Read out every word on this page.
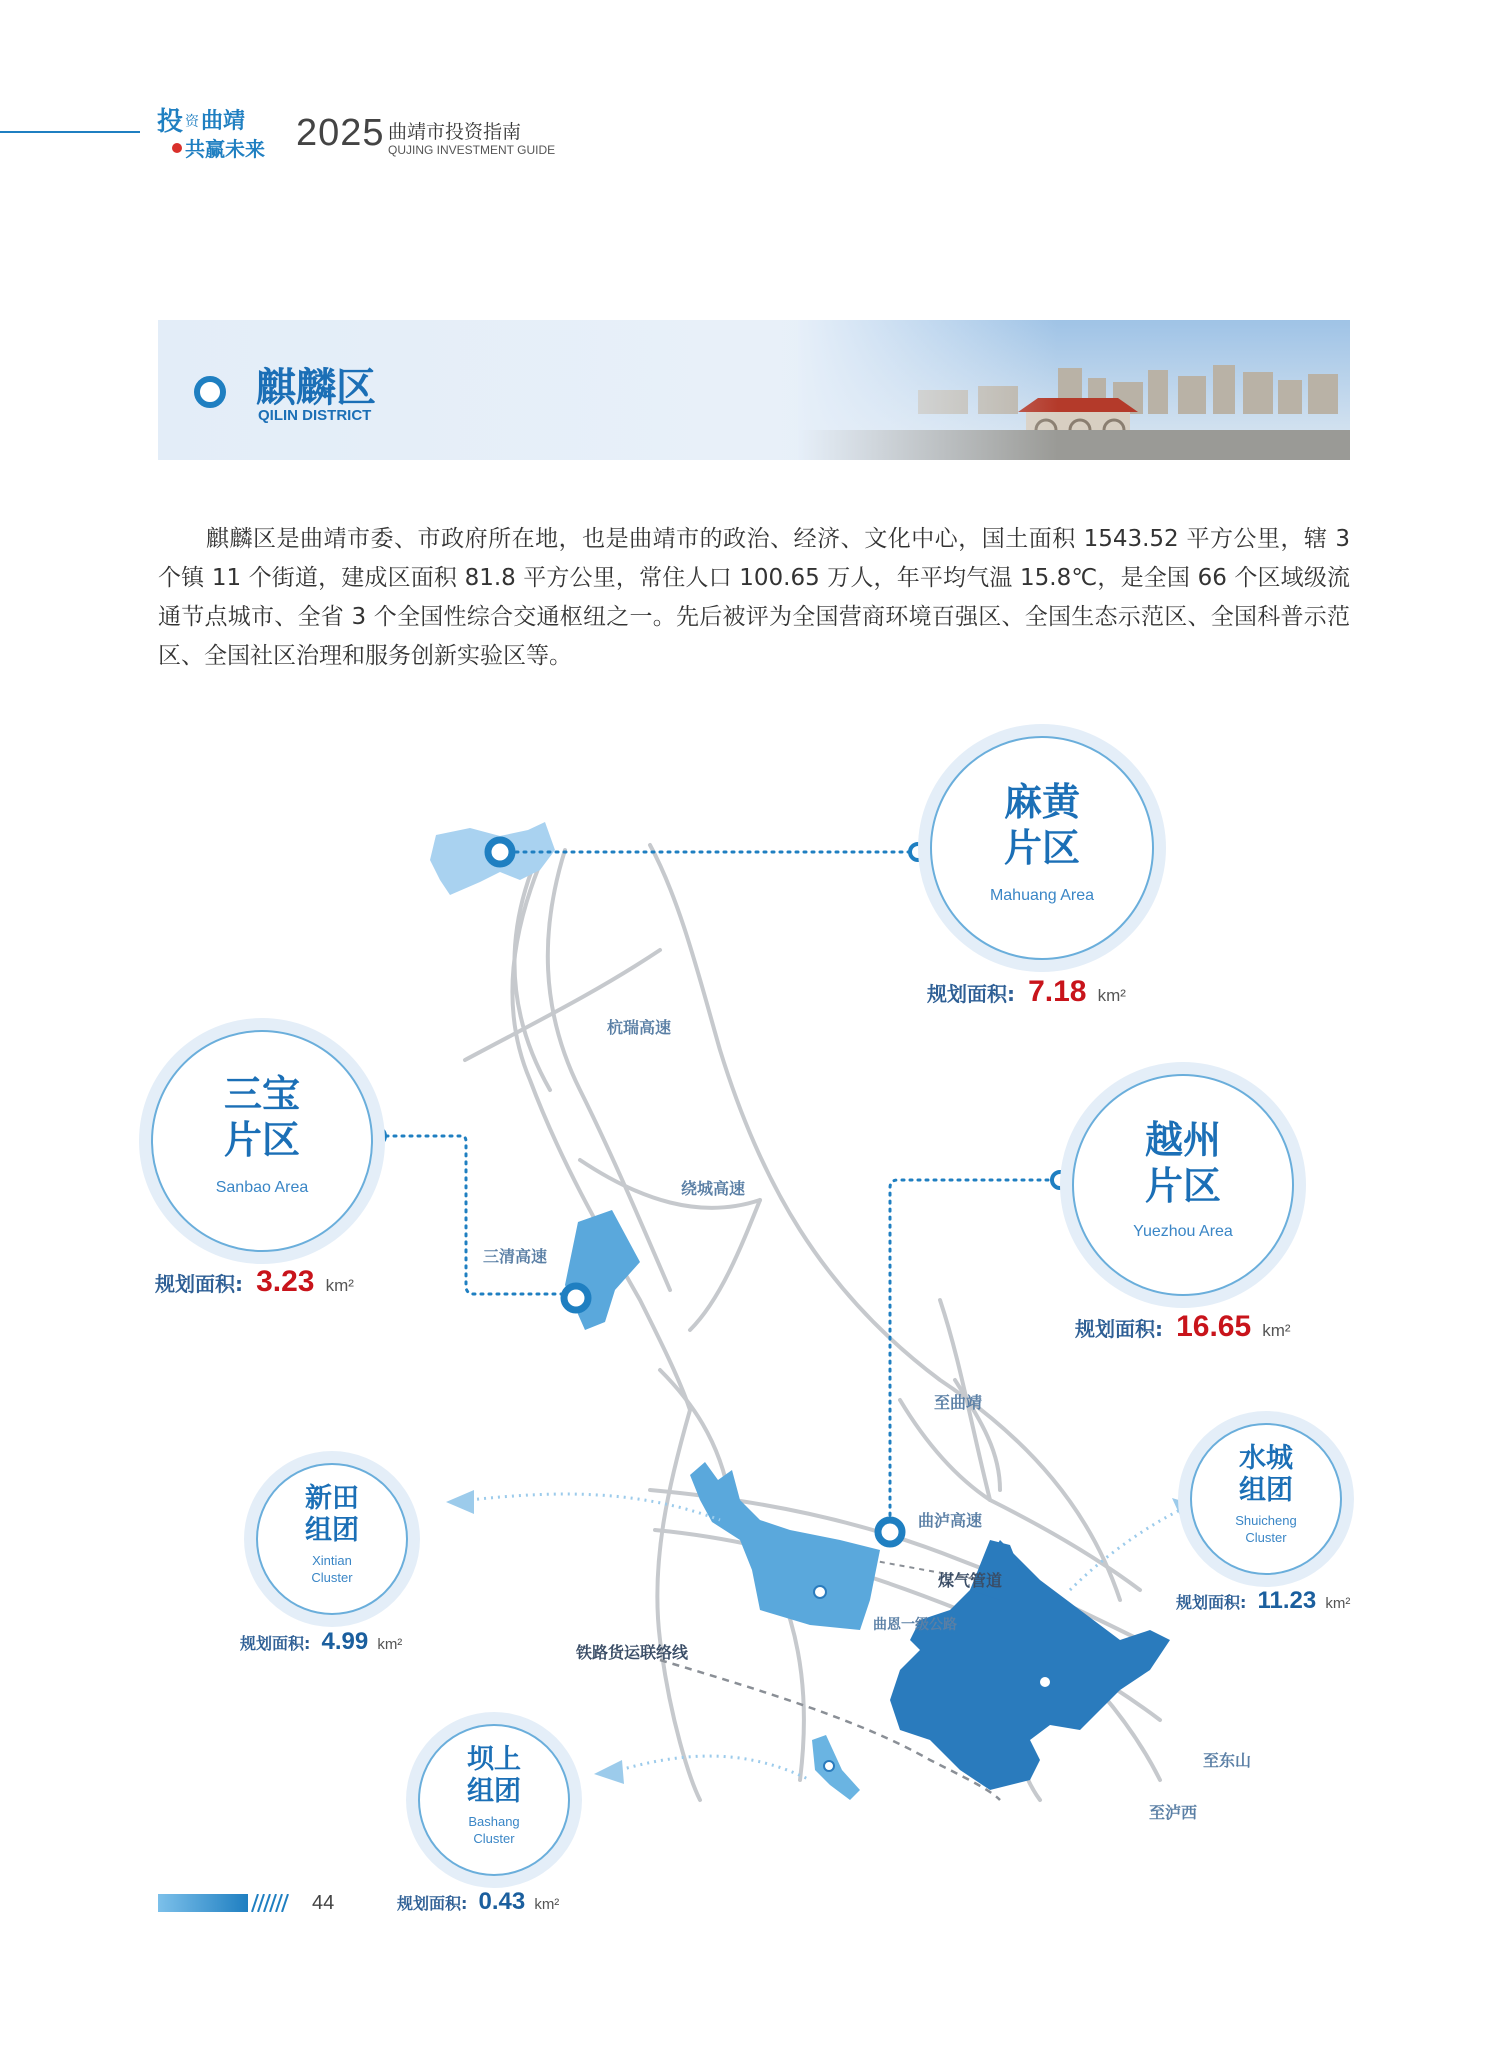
投 资 曲靖
共赢未来 2025 曲靖市投资指南
QUJING INVESTMENT GUIDE
麒麟区
QILIN DISTRICT
麒麟区是曲靖市委、市政府所在地，也是曲靖市的政治、经济、文化中心，国土面积 1543.52 平方公里，辖 3 个镇 11 个街道，建成区面积 81.8 平方公里，常住人口 100.65 万人，年平均气温 15.8℃，是全国 66 个区域级流通节点城市、全省 3 个全国性综合交通枢纽之一。先后被评为全国营商环境百强区、全国生态示范区、全国科普示范区、全国社区治理和服务创新实验区等。
杭瑞高速
绕城高速
三清高速
至曲靖
曲泸高速
煤气管道
曲恩一级公路
铁路货运联络线
至东山
至泸西
麻黄
片区
Mahuang Area
规划面积: 7.18 km²
三宝
片区
Sanbao Area
规划面积: 3.23 km²
越州
片区
Yuezhou Area
规划面积: 16.65 km²
水城
组团
Shuicheng
Cluster
规划面积: 11.23 km²
新田
组团
Xintian
Cluster
规划面积: 4.99 km²
坝上
组团
Bashang
Cluster
规划面积: 0.43 km²
44
